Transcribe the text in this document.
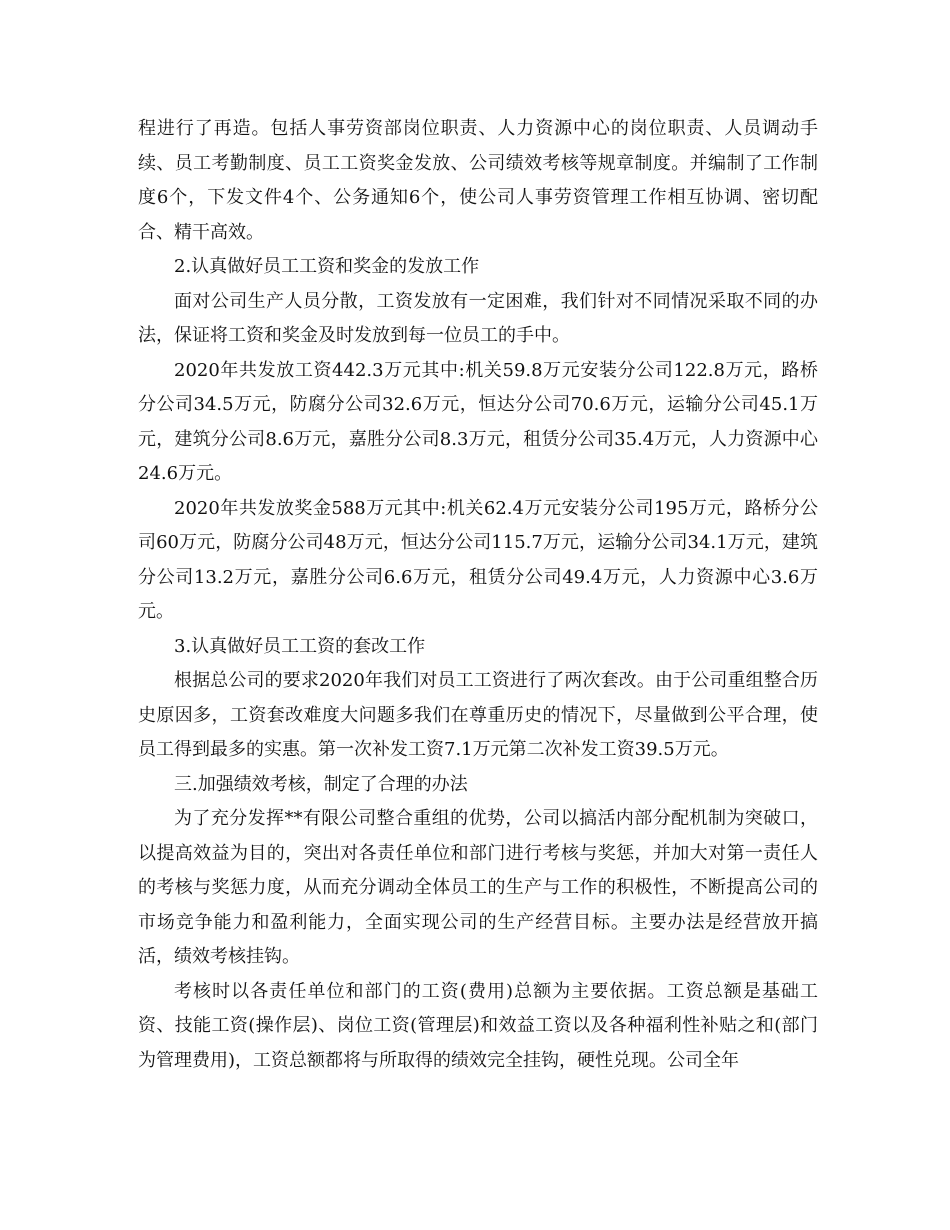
程进行了再造。包括人事劳资部岗位职责、人力资源中心的岗位职责、人员调动手续、员工考勤制度、员工工资奖金发放、公司绩效考核等规章制度。并编制了工作制度6个，下发文件4个、公务通知6个，使公司人事劳资管理工作相互协调、密切配合、精干高效。

2.认真做好员工工资和奖金的发放工作

面对公司生产人员分散，工资发放有一定困难，我们针对不同情况采取不同的办法，保证将工资和奖金及时发放到每一位员工的手中。

2020年共发放工资442.3万元其中:机关59.8万元安装分公司122.8万元，路桥分公司34.5万元，防腐分公司32.6万元，恒达分公司70.6万元，运输分公司45.1万元，建筑分公司8.6万元，嘉胜分公司8.3万元，租赁分公司35.4万元，人力资源中心24.6万元。

2020年共发放奖金588万元其中:机关62.4万元安装分公司195万元，路桥分公司60万元，防腐分公司48万元，恒达分公司115.7万元，运输分公司34.1万元，建筑分公司13.2万元，嘉胜分公司6.6万元，租赁分公司49.4万元，人力资源中心3.6万元。

3.认真做好员工工资的套改工作

根据总公司的要求2020年我们对员工工资进行了两次套改。由于公司重组整合历史原因多，工资套改难度大问题多我们在尊重历史的情况下，尽量做到公平合理，使员工得到最多的实惠。第一次补发工资7.1万元第二次补发工资39.5万元。

三.加强绩效考核，制定了合理的办法

为了充分发挥**有限公司整合重组的优势，公司以搞活内部分配机制为突破口，以提高效益为目的，突出对各责任单位和部门进行考核与奖惩，并加大对第一责任人的考核与奖惩力度，从而充分调动全体员工的生产与工作的积极性，不断提高公司的市场竞争能力和盈利能力，全面实现公司的生产经营目标。主要办法是经营放开搞活，绩效考核挂钩。

考核时以各责任单位和部门的工资(费用)总额为主要依据。工资总额是基础工资、技能工资(操作层)、岗位工资(管理层)和效益工资以及各种福利性补贴之和(部门为管理费用)，工资总额都将与所取得的绩效完全挂钩，硬性兑现。公司全年
